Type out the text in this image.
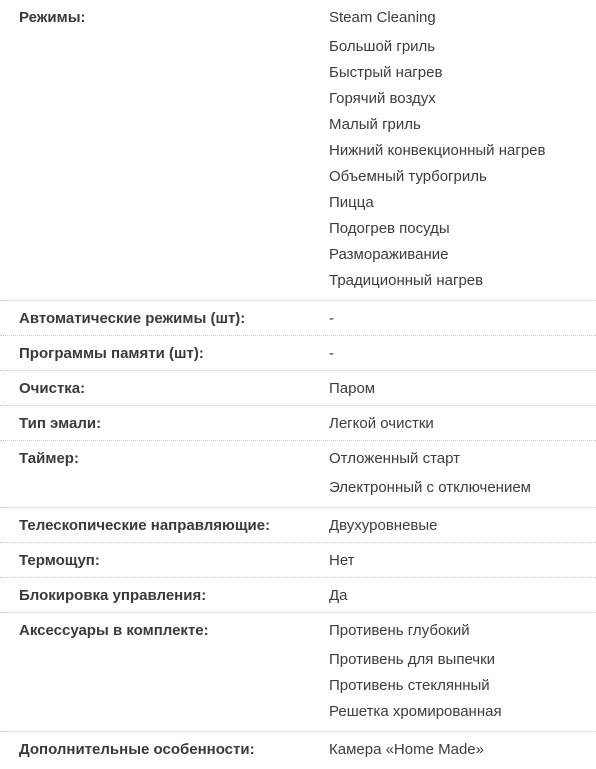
Режимы:	Steam Cleaning
Большой гриль
Быстрый нагрев
Горячий воздух
Малый гриль
Нижний конвекционный нагрев
Объемный турбогриль
Пицца
Подогрев посуды
Размораживание
Традиционный нагрев
Автоматические режимы (шт):	-
Программы памяти (шт):	-
Очистка:	Паром
Тип эмали:	Легкой очистки
Таймер:	Отложенный старт
Электронный с отключением
Телескопические направляющие:	Двухуровневые
Термощуп:	Нет
Блокировка управления:	Да
Аксессуары в комплекте:	Противень глубокий
Противень для выпечки
Противень стеклянный
Решетка хромированная
Дополнительные особенности:	Камера «Home Made»
